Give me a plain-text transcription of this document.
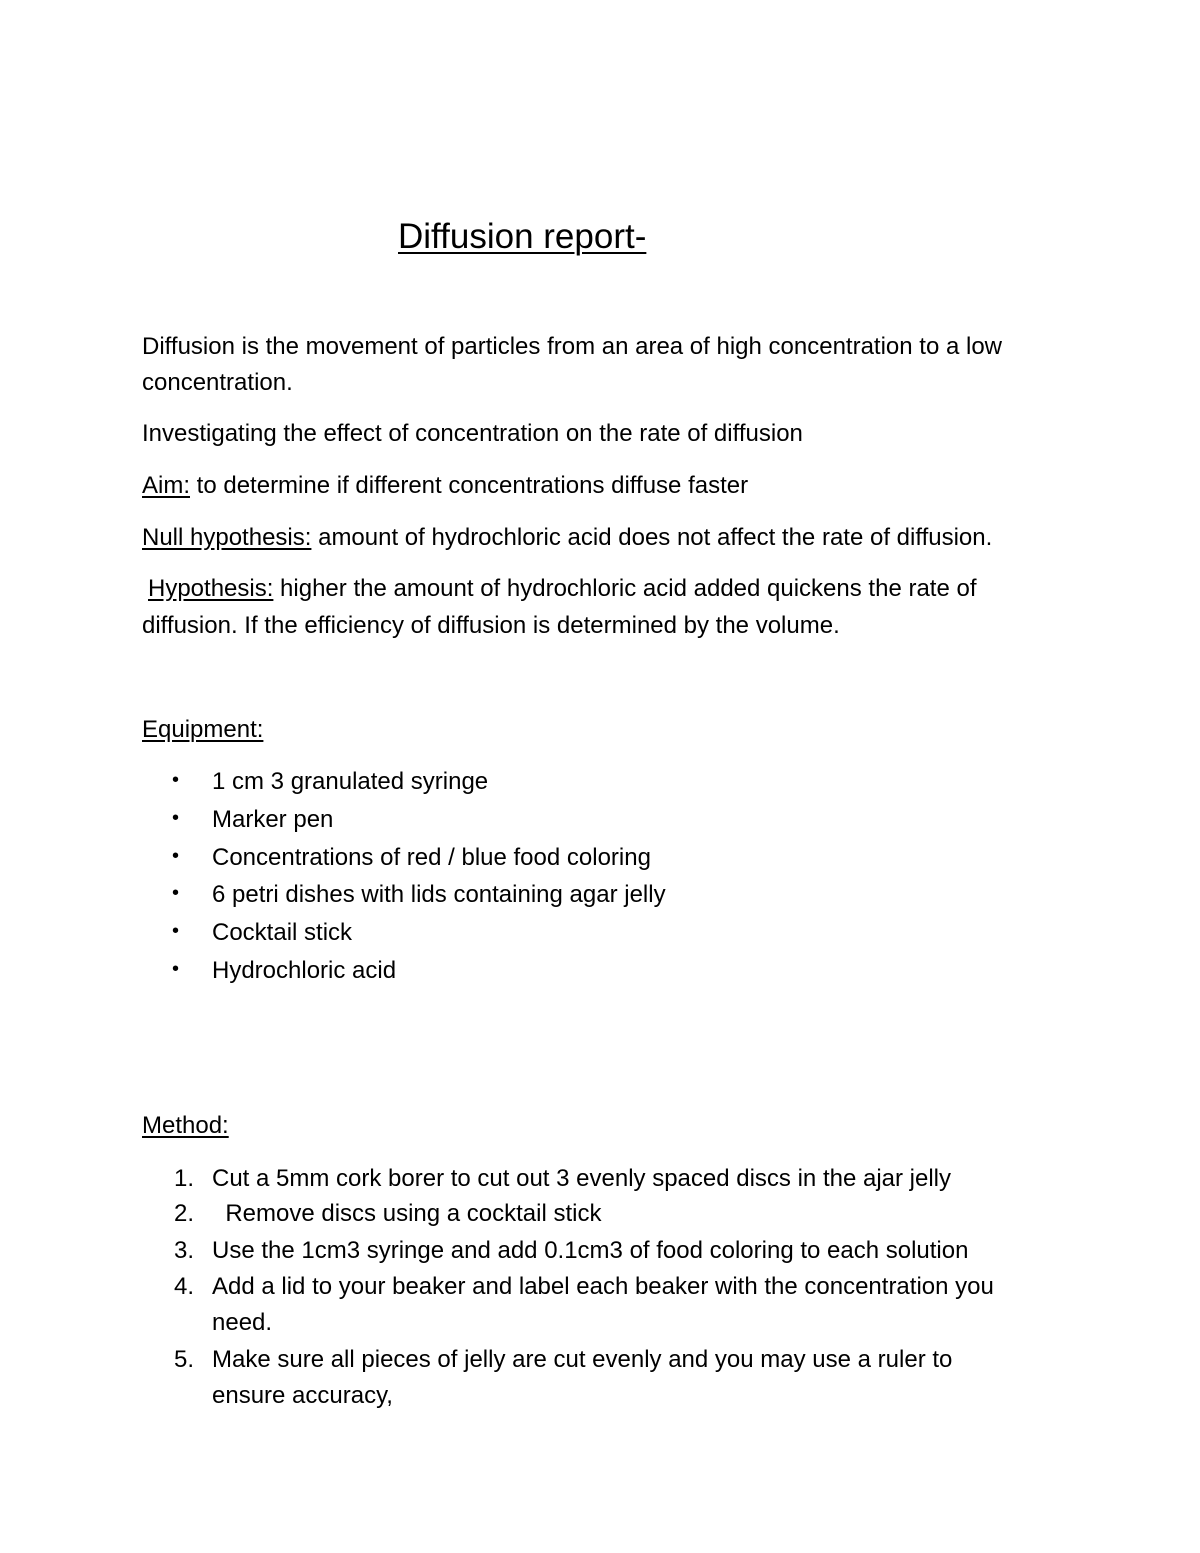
Diffusion report-
Diffusion is the movement of particles from an area of high concentration to a low
concentration.
Investigating the effect of concentration on the rate of diffusion
Aim: to determine if different concentrations diffuse faster
Null hypothesis: amount of hydrochloric acid does not affect the rate of diffusion.
Hypothesis: higher the amount of hydrochloric acid added quickens the rate of
diffusion. If the efficiency of diffusion is determined by the volume.
Equipment:
• 1 cm 3 granulated syringe
• Marker pen
• Concentrations of red / blue food coloring
• 6 petri dishes with lids containing agar jelly
• Cocktail stick
• Hydrochloric acid
Method:
1. Cut a 5mm cork borer to cut out 3 evenly spaced discs in the ajar jelly
2. Remove discs using a cocktail stick
3. Use the 1cm3 syringe and add 0.1cm3 of food coloring to each solution
4. Add a lid to your beaker and label each beaker with the concentration you
need.
5. Make sure all pieces of jelly are cut evenly and you may use a ruler to
ensure accuracy,
